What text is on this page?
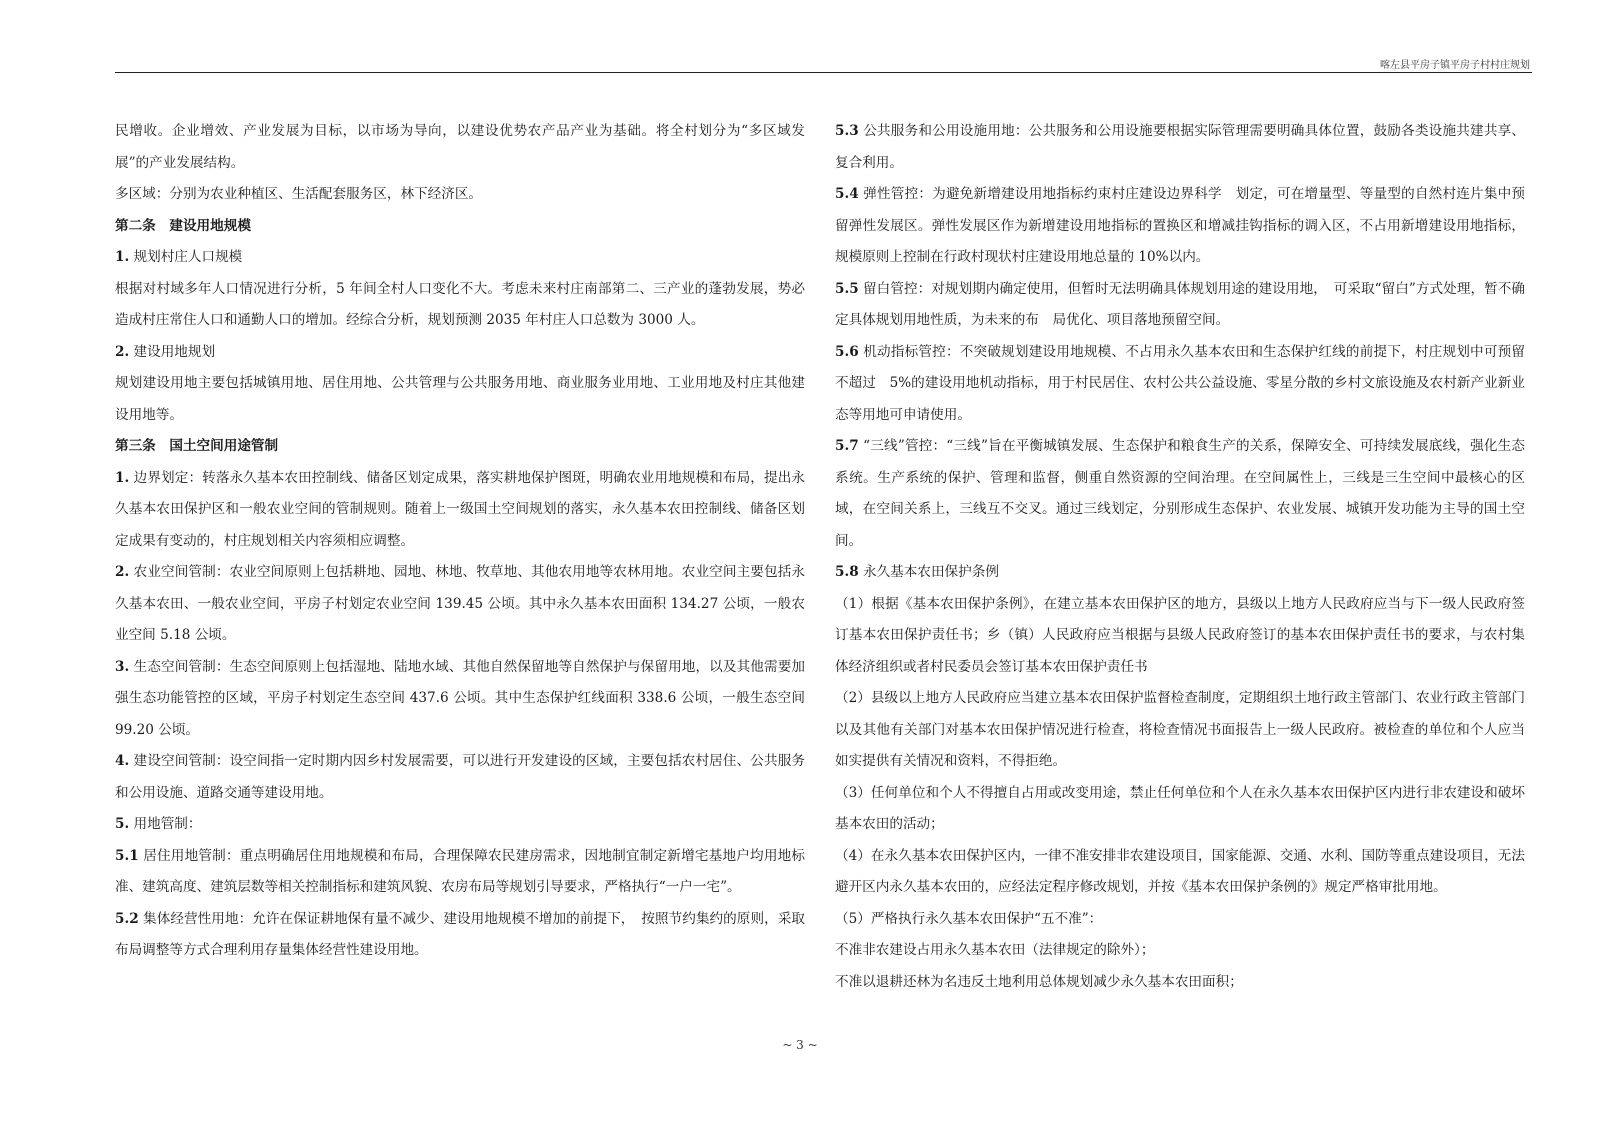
喀左县平房子镇平房子村村庄规划

民增收。企业增效、产业发展为目标，以市场为导向，以建设优势农产品产业为基础。将全村划分为“多区域发展”的产业发展结构。

多区域：分别为农业种植区、生活配套服务区，林下经济区。

第二条　建设用地规模

1. 规划村庄人口规模

根据对村域多年人口情况进行分析，5 年间全村人口变化不大。考虑未来村庄南部第二、三产业的蓬勃发展，势必造成村庄常住人口和通勤人口的增加。经综合分析，规划预测 2035 年村庄人口总数为 3000 人。

2. 建设用地规划

规划建设用地主要包括城镇用地、居住用地、公共管理与公共服务用地、商业服务业用地、工业用地及村庄其他建设用地等。

第三条　国土空间用途管制

1. 边界划定：转落永久基本农田控制线、储备区划定成果，落实耕地保护图斑，明确农业用地规模和布局，提出永久基本农田保护区和一般农业空间的管制规则。随着上一级国土空间规划的落实，永久基本农田控制线、储备区划定成果有变动的，村庄规划相关内容须相应调整。

2. 农业空间管制：农业空间原则上包括耕地、园地、林地、牧草地、其他农用地等农林用地。农业空间主要包括永久基本农田、一般农业空间，平房子村划定农业空间 139.45 公顷。其中永久基本农田面积 134.27 公顷，一般农业空间 5.18 公顷。

3. 生态空间管制：生态空间原则上包括湿地、陆地水域、其他自然保留地等自然保护与保留用地，以及其他需要加强生态功能管控的区域，平房子村划定生态空间 437.6 公顷。其中生态保护红线面积 338.6 公顷，一般生态空间 99.20 公顷。

4. 建设空间管制：设空间指一定时期内因乡村发展需要，可以进行开发建设的区域，主要包括农村居住、公共服务和公用设施、道路交通等建设用地。

5. 用地管制：

5.1 居住用地管制：重点明确居住用地规模和布局，合理保障农民建房需求，因地制宜制定新增宅基地户均用地标准、建筑高度、建筑层数等相关控制指标和建筑风貌、农房布局等规划引导要求，严格执行“一户一宅”。

5.2 集体经营性用地：允许在保证耕地保有量不减少、建设用地规模不增加的前提下，　按照节约集约的原则，采取布局调整等方式合理利用存量集体经营性建设用地。

5.3 公共服务和公用设施用地：公共服务和公用设施要根据实际管理需要明确具体位置，鼓励各类设施共建共享、复合利用。

5.4 弹性管控：为避免新增建设用地指标约束村庄建设边界科学　划定，可在增量型、等量型的自然村连片集中预留弹性发展区。弹性发展区作为新增建设用地指标的置换区和增减挂钩指标的调入区，不占用新增建设用地指标，规模原则上控制在行政村现状村庄建设用地总量的 10%以内。

5.5 留白管控：对规划期内确定使用，但暂时无法明确具体规划用途的建设用地，　可采取“留白”方式处理，暂不确定具体规划用地性质，为未来的布　局优化、项目落地预留空间。

5.6 机动指标管控：不突破规划建设用地规模、不占用永久基本农田和生态保护红线的前提下，村庄规划中可预留不超过　5%的建设用地机动指标，用于村民居住、农村公共公益设施、零星分散的乡村文旅设施及农村新产业新业态等用地可申请使用。

5.7 “三线”管控：“三线”旨在平衡城镇发展、生态保护和粮食生产的关系，保障安全、可持续发展底线，强化生态系统。生产系统的保护、管理和监督，侧重自然资源的空间治理。在空间属性上，三线是三生空间中最核心的区域，在空间关系上，三线互不交叉。通过三线划定，分别形成生态保护、农业发展、城镇开发功能为主导的国土空间。

5.8 永久基本农田保护条例

（1）根据《基本农田保护条例》，在建立基本农田保护区的地方，县级以上地方人民政府应当与下一级人民政府签订基本农田保护责任书；乡（镇）人民政府应当根据与县级人民政府签订的基本农田保护责任书的要求，与农村集体经济组织或者村民委员会签订基本农田保护责任书

（2）县级以上地方人民政府应当建立基本农田保护监督检查制度，定期组织土地行政主管部门、农业行政主管部门以及其他有关部门对基本农田保护情况进行检查，将检查情况书面报告上一级人民政府。被检查的单位和个人应当如实提供有关情况和资料，不得拒绝。

（3）任何单位和个人不得擅自占用或改变用途，禁止任何单位和个人在永久基本农田保护区内进行非农建设和破坏基本农田的活动；

（4）在永久基本农田保护区内，一律不准安排非农建设项目，国家能源、交通、水利、国防等重点建设项目，无法避开区内永久基本农田的，应经法定程序修改规划，并按《基本农田保护条例的》规定严格审批用地。

（5）严格执行永久基本农田保护“五不准”：

不准非农建设占用永久基本农田（法律规定的除外）；

不准以退耕还林为名违反土地利用总体规划减少永久基本农田面积；

~ 3 ~
